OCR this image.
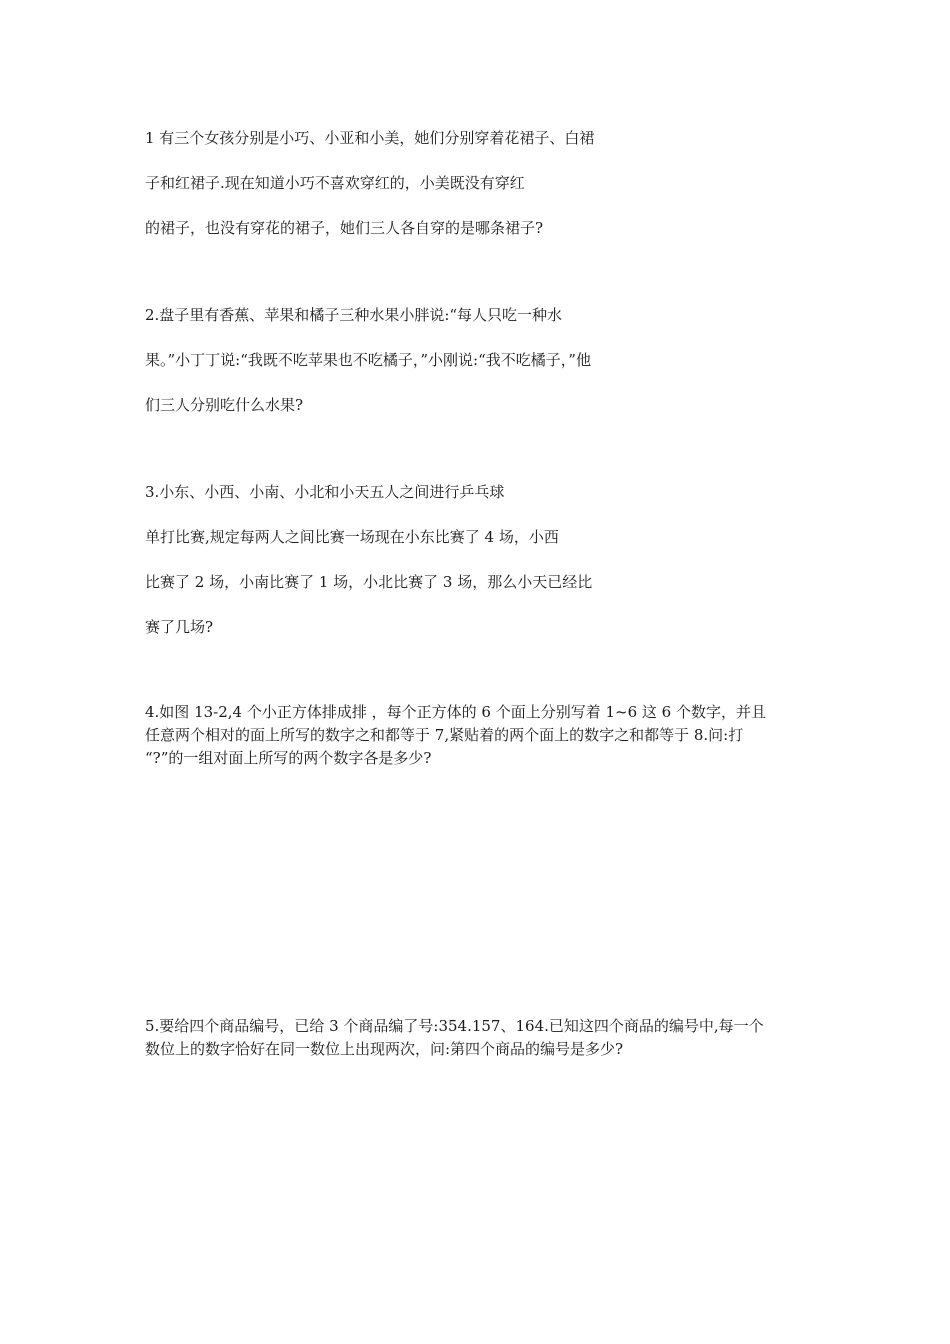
1 有三个女孩分别是小巧、小亚和小美，她们分别穿着花裙子、白裙
子和红裙子.现在知道小巧不喜欢穿红的，小美既没有穿红
的裙子，也没有穿花的裙子，她们三人各自穿的是哪条裙子?
2.盘子里有香蕉、苹果和橘子三种水果小胖说:“每人只吃一种水
果。”小丁丁说:“我既不吃苹果也不吃橘子，”小刚说:“我不吃橘子，”他
们三人分别吃什么水果?
3.小东、小西、小南、小北和小天五人之间进行乒乓球
单打比赛,规定每两人之间比赛一场现在小东比赛了 4 场，小西
比赛了 2 场，小南比赛了 1 场，小北比赛了 3 场，那么小天已经比
赛了几场?
4.如图 13-2,4 个小正方体排成排 ，每个正方体的 6 个面上分别写着 1~6 这 6 个数字，并且
任意两个相对的面上所写的数字之和都等于 7,紧贴着的两个面上的数字之和都等于 8.问:打
“?”的一组对面上所写的两个数字各是多少?
5.要给四个商品编号，已给 3 个商品编了号:354.157、164.已知这四个商品的编号中,每一个
数位上的数字恰好在同一数位上出现两次，问:第四个商品的编号是多少?
